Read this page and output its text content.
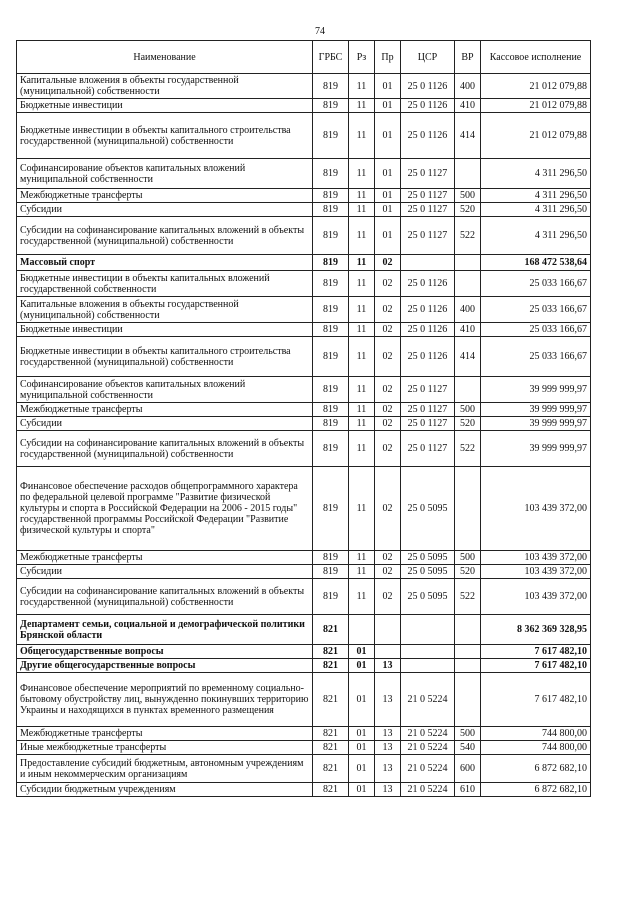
74
Наименование	ГРБС	Рз	Пр	ЦСР	ВР	Кассовое исполнение
Капитальные вложения в объекты государственной (муниципальной) собственности	819	11	01	25 0 1126	400	21 012 079,88
Бюджетные инвестиции	819	11	01	25 0 1126	410	21 012 079,88
Бюджетные инвестиции в объекты капитального строительства государственной (муниципальной) собственности	819	11	01	25 0 1126	414	21 012 079,88
Софинансирование объектов капитальных вложений муниципальной собственности	819	11	01	25 0 1127		4 311 296,50
Межбюджетные трансферты	819	11	01	25 0 1127	500	4 311 296,50
Субсидии	819	11	01	25 0 1127	520	4 311 296,50
Субсидии на софинансирование капитальных вложений в объекты государственной (муниципальной) собственности	819	11	01	25 0 1127	522	4 311 296,50
Массовый спорт	819	11	02			168 472 538,64
Бюджетные инвестиции в объекты капитальных вложений государственной собственности	819	11	02	25 0 1126		25 033 166,67
Капитальные вложения в объекты государственной (муниципальной) собственности	819	11	02	25 0 1126	400	25 033 166,67
Бюджетные инвестиции	819	11	02	25 0 1126	410	25 033 166,67
Бюджетные инвестиции в объекты капитального строительства государственной (муниципальной) собственности	819	11	02	25 0 1126	414	25 033 166,67
Софинансирование объектов капитальных вложений муниципальной собственности	819	11	02	25 0 1127		39 999 999,97
Межбюджетные трансферты	819	11	02	25 0 1127	500	39 999 999,97
Субсидии	819	11	02	25 0 1127	520	39 999 999,97
Субсидии на софинансирование капитальных вложений в объекты государственной (муниципальной) собственности	819	11	02	25 0 1127	522	39 999 999,97
Финансовое обеспечение расходов общепрограммного характера по федеральной целевой программе "Развитие физической культуры и спорта в Российской Федерации на 2006 - 2015 годы" государственной программы Российской Федерации "Развитие физической культуры и спорта"	819	11	02	25 0 5095		103 439 372,00
Межбюджетные трансферты	819	11	02	25 0 5095	500	103 439 372,00
Субсидии	819	11	02	25 0 5095	520	103 439 372,00
Субсидии на софинансирование капитальных вложений в объекты государственной (муниципальной) собственности	819	11	02	25 0 5095	522	103 439 372,00
Департамент семьи, социальной и демографической политики Брянской области	821					8 362 369 328,95
Общегосударственные вопросы	821	01				7 617 482,10
Другие общегосударственные вопросы	821	01	13			7 617 482,10
Финансовое обеспечение мероприятий по временному социально-бытовому обустройству лиц, вынужденно покинувших территорию Украины и находящихся в пунктах временного размещения	821	01	13	21 0 5224		7 617 482,10
Межбюджетные трансферты	821	01	13	21 0 5224	500	744 800,00
Иные межбюджетные трансферты	821	01	13	21 0 5224	540	744 800,00
Предоставление субсидий бюджетным, автономным учреждениям и иным некоммерческим организациям	821	01	13	21 0 5224	600	6 872 682,10
Субсидии бюджетным учреждениям	821	01	13	21 0 5224	610	6 872 682,10
